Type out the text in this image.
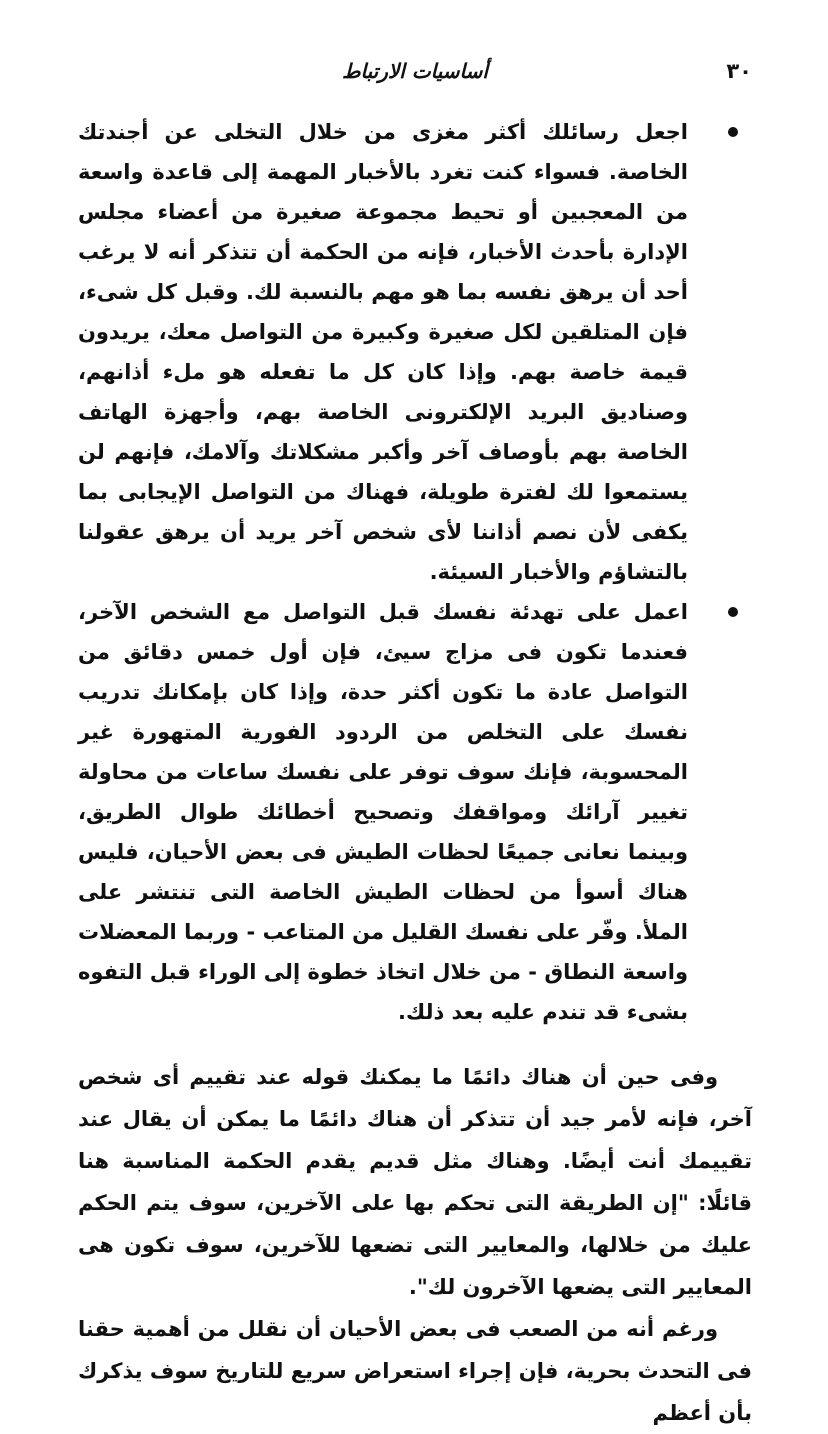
٣٠
أساسيات الارتباط

اجعل رسائلك أكثر مغزى من خلال التخلى عن أجندتك الخاصة. فسواء كنت تغرد بالأخبار المهمة إلى قاعدة واسعة من المعجبين أو تحيط مجموعة صغيرة من أعضاء مجلس الإدارة بأحدث الأخبار، فإنه من الحكمة أن تتذكر أنه لا يرغب أحد أن يرهق نفسه بما هو مهم بالنسبة لك. وقبل كل شىء، فإن المتلقين لكل صغيرة وكبيرة من التواصل معك، يريدون قيمة خاصة بهم. وإذا كان كل ما تفعله هو ملء أذانهم، وصناديق البريد الإلكترونى الخاصة بهم، وأجهزة الهاتف الخاصة بهم بأوصاف آخر وأكبر مشكلاتك وآلامك، فإنهم لن يستمعوا لك لفترة طويلة، فهناك من التواصل الإيجابى بما يكفى لأن نصم أذاننا لأى شخص آخر يريد أن يرهق عقولنا بالتشاؤم والأخبار السيئة.

اعمل على تهدئة نفسك قبل التواصل مع الشخص الآخر، فعندما تكون فى مزاج سيئ، فإن أول خمس دقائق من التواصل عادة ما تكون أكثر حدة، وإذا كان بإمكانك تدريب نفسك على التخلص من الردود الفورية المتهورة غير المحسوبة، فإنك سوف توفر على نفسك ساعات من محاولة تغيير آرائك ومواقفك وتصحيح أخطائك طوال الطريق، وبينما نعانى جميعًا لحظات الطيش فى بعض الأحيان، فليس هناك أسوأ من لحظات الطيش الخاصة التى تنتشر على الملأ. وفّر على نفسك القليل من المتاعب - وربما المعضلات واسعة النطاق - من خلال اتخاذ خطوة إلى الوراء قبل التفوه بشىء قد تندم عليه بعد ذلك.

وفى حين أن هناك دائمًا ما يمكنك قوله عند تقييم أى شخص آخر، فإنه لأمر جيد أن تتذكر أن هناك دائمًا ما يمكن أن يقال عند تقييمك أنت أيضًا. وهناك مثل قديم يقدم الحكمة المناسبة هنا قائلًا: "إن الطريقة التى تحكم بها على الآخرين، سوف يتم الحكم عليك من خلالها، والمعايير التى تضعها للآخرين، سوف تكون هى المعايير التى يضعها الآخرون لك".

ورغم أنه من الصعب فى بعض الأحيان أن نقلل من أهمية حقنا فى التحدث بحرية، فإن إجراء استعراض سريع للتاريخ سوف يذكرك بأن أعظم
